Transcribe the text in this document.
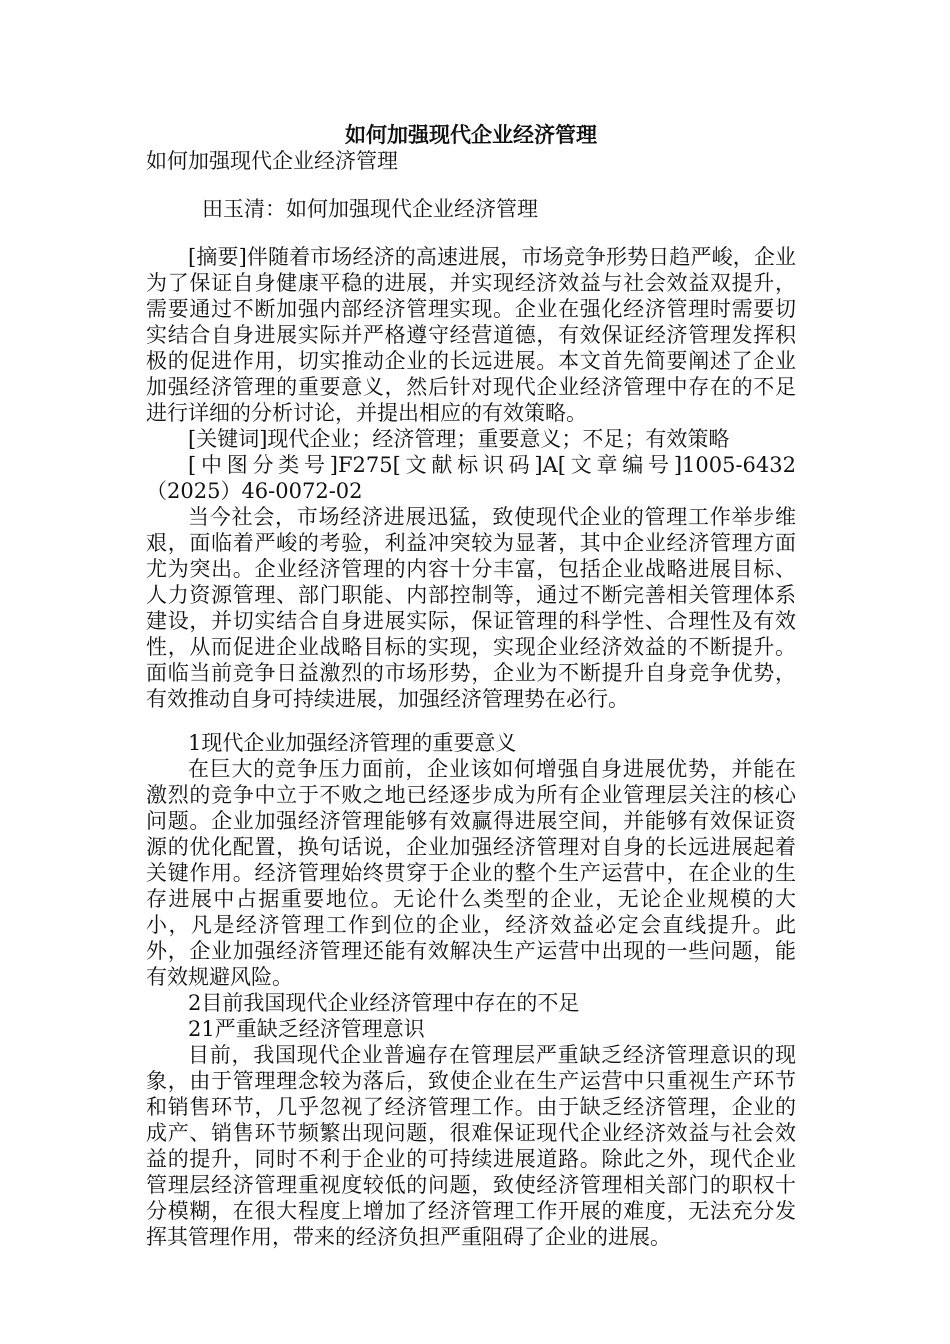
如何加强现代企业经济管理

如何加强现代企业经济管理

田玉清：如何加强现代企业经济管理

[摘要]伴随着市场经济的高速进展，市场竞争形势日趋严峻，企业为了保证自身健康平稳的进展，并实现经济效益与社会效益双提升，需要通过不断加强内部经济管理实现。企业在强化经济管理时需要切实结合自身进展实际并严格遵守经营道德，有效保证经济管理发挥积极的促进作用，切实推动企业的长远进展。本文首先简要阐述了企业加强经济管理的重要意义，然后针对现代企业经济管理中存在的不足进行详细的分析讨论，并提出相应的有效策略。

[关键词]现代企业；经济管理；重要意义；不足；有效策略

[中图分类号]F275[文献标识码]A[文章编号]1005-6432（2025）46-0072-02

当今社会，市场经济进展迅猛，致使现代企业的管理工作举步维艰，面临着严峻的考验，利益冲突较为显著，其中企业经济管理方面尤为突出。企业经济管理的内容十分丰富，包括企业战略进展目标、人力资源管理、部门职能、内部控制等，通过不断完善相关管理体系建设，并切实结合自身进展实际，保证管理的科学性、合理性及有效性，从而促进企业战略目标的实现，实现企业经济效益的不断提升。面临当前竞争日益激烈的市场形势，企业为不断提升自身竞争优势，有效推动自身可持续进展，加强经济管理势在必行。

1现代企业加强经济管理的重要意义

在巨大的竞争压力面前，企业该如何增强自身进展优势，并能在激烈的竞争中立于不败之地已经逐步成为所有企业管理层关注的核心问题。企业加强经济管理能够有效赢得进展空间，并能够有效保证资源的优化配置，换句话说，企业加强经济管理对自身的长远进展起着关键作用。经济管理始终贯穿于企业的整个生产运营中，在企业的生存进展中占据重要地位。无论什么类型的企业，无论企业规模的大小，凡是经济管理工作到位的企业，经济效益必定会直线提升。此外，企业加强经济管理还能有效解决生产运营中出现的一些问题，能有效规避风险。

2目前我国现代企业经济管理中存在的不足

21严重缺乏经济管理意识

目前，我国现代企业普遍存在管理层严重缺乏经济管理意识的现象，由于管理理念较为落后，致使企业在生产运营中只重视生产环节和销售环节，几乎忽视了经济管理工作。由于缺乏经济管理，企业的成产、销售环节频繁出现问题，很难保证现代企业经济效益与社会效益的提升，同时不利于企业的可持续进展道路。除此之外，现代企业管理层经济管理重视度较低的问题，致使经济管理相关部门的职权十分模糊，在很大程度上增加了经济管理工作开展的难度，无法充分发挥其管理作用，带来的经济负担严重阻碍了企业的进展。
